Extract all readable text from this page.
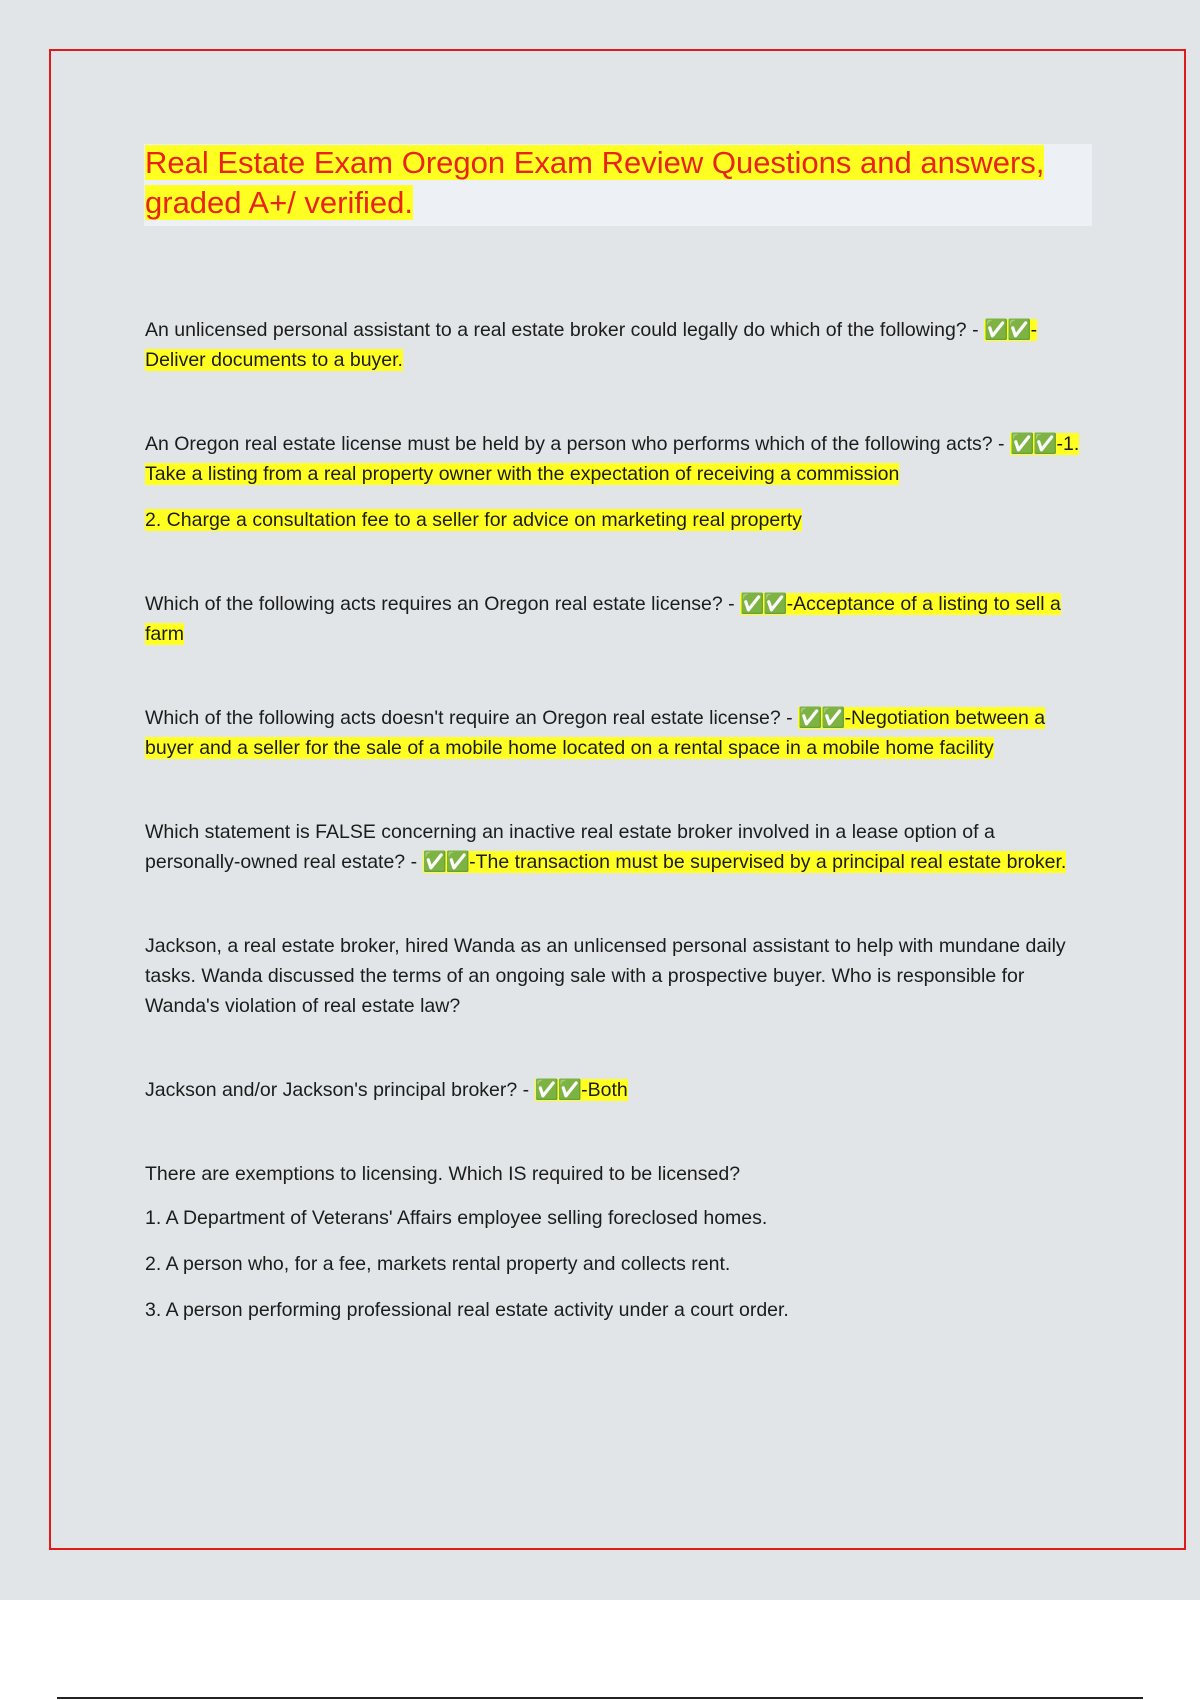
Real Estate Exam Oregon Exam Review Questions and answers, graded A+/ verified.

An unlicensed personal assistant to a real estate broker could legally do which of the following? - ✅ ✅ -Deliver documents to a buyer.

An Oregon real estate license must be held by a person who performs which of the following acts? - ✅ ✅ -1. Take a listing from a real property owner with the expectation of receiving a commission

2. Charge a consultation fee to a seller for advice on marketing real property

Which of the following acts requires an Oregon real estate license? - ✅ ✅ -Acceptance of a listing to sell a farm

Which of the following acts doesn't require an Oregon real estate license? - ✅ ✅ -Negotiation between a buyer and a seller for the sale of a mobile home located on a rental space in a mobile home facility

Which statement is FALSE concerning an inactive real estate broker involved in a lease option of a personally-owned real estate? - ✅ ✅ -The transaction must be supervised by a principal real estate broker.

Jackson, a real estate broker, hired Wanda as an unlicensed personal assistant to help with mundane daily tasks. Wanda discussed the terms of an ongoing sale with a prospective buyer. Who is responsible for Wanda's violation of real estate law?

Jackson and/or Jackson's principal broker? - ✅ ✅ -Both

There are exemptions to licensing. Which IS required to be licensed?

1. A Department of Veterans' Affairs employee selling foreclosed homes.

2. A person who, for a fee, markets rental property and collects rent.

3. A person performing professional real estate activity under a court order.
